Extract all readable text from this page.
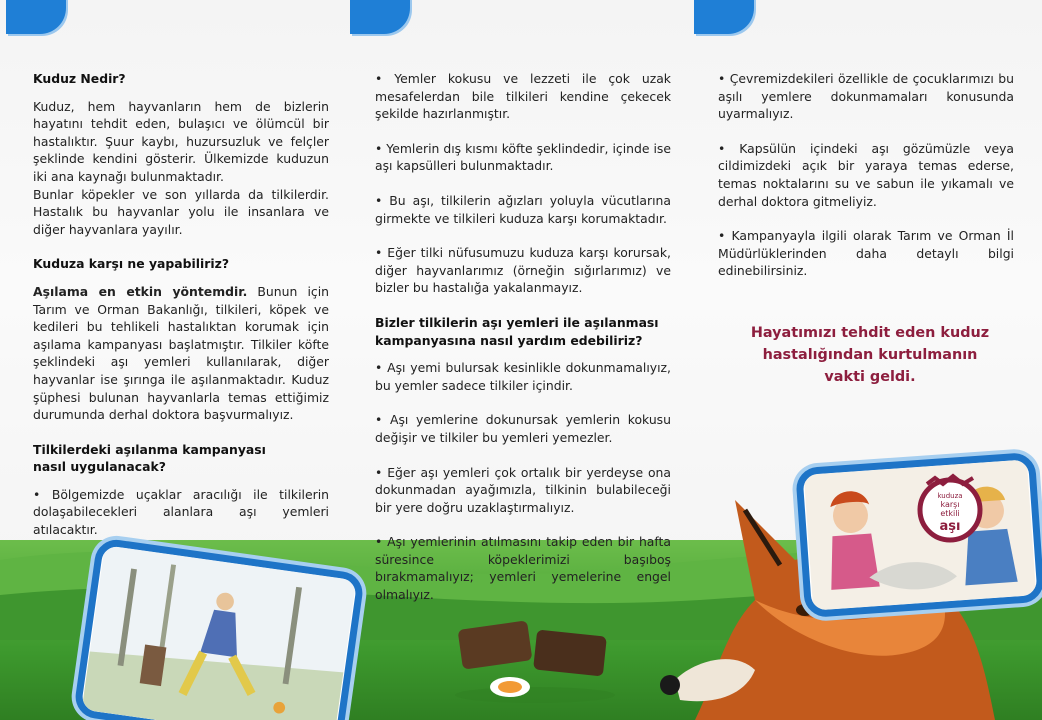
Kuduz Nedir?

Kuduz, hem hayvanların hem de bizlerin hayatını tehdit eden, bulaşıcı ve ölümcül bir hastalıktır. Şuur kaybı, huzursuzluk ve felçler şeklinde kendini gösterir. Ülkemizde kuduzun iki ana kaynağı bulunmaktadır.

Bunlar köpekler ve son yıllarda da tilkilerdir. Hastalık bu hayvanlar yolu ile insanlara ve diğer hayvanlara yayılır.

Kuduza karşı ne yapabiliriz?

Aşılama en etkin yöntemdir. Bunun için Tarım ve Orman Bakanlığı, tilkileri, köpek ve kedileri bu tehlikeli hastalıktan korumak için aşılama kampanyası başlatmıştır. Tilkiler köfte şeklindeki aşı yemleri kullanılarak, diğer hayvanlar ise şırınga ile aşılanmaktadır. Kuduz şüphesi bulunan hayvanlarla temas ettiğimiz durumunda derhal doktora başvurmalıyız.

Tilkilerdeki aşılanma kampanyası
nasıl uygulanacak?

• Bölgemizde uçaklar aracılığı ile tilkilerin dolaşabilecekleri alanlara aşı yemleri atılacaktır.

• Yemler kokusu ve lezzeti ile çok uzak mesafelerdan bile tilkileri kendine çekecek şekilde hazırlanmıştır.

• Yemlerin dış kısmı köfte şeklindedir, içinde ise aşı kapsülleri bulunmaktadır.

• Bu aşı, tilkilerin ağızları yoluyla vücutlarına girmekte ve tilkileri kuduza karşı korumaktadır.

• Eğer tilki nüfusumuzu kuduza karşı korursak, diğer hayvanlarımız (örneğin sığırlarımız) ve bizler bu hastalığa yakalanmayız.

Bizler tilkilerin aşı yemleri ile aşılanması kampanyasına nasıl yardım edebiliriz?

• Aşı yemi bulursak kesinlikle dokunmamalıyız, bu yemler sadece tilkiler içindir.

• Aşı yemlerine dokunursak yemlerin kokusu değişir ve tilkiler bu yemleri yemezler.

• Eğer aşı yemleri çok ortalık bir yerdeyse ona dokunmadan ayağımızla, tilkinin bulabileceği bir yere doğru uzaklaştırmalıyız.

• Aşı yemlerinin atılmasını takip eden bir hafta süresince köpeklerimizi başıboş bırakmamalıyız; yemleri yemelerine engel olmalıyız.

• Çevremizdekileri özellikle de çocuklarımızı bu aşılı yemlere dokunmamaları konusunda uyarmalıyız.

• Kapsülün içindeki aşı gözümüzle veya cildimizdeki açık bir yaraya temas ederse, temas noktalarını su ve sabun ile yıkamalı ve derhal doktora gitmeliyiz.

• Kampanyayla ilgili olarak Tarım ve Orman İl Müdürlüklerinden daha detaylı bilgi edinebilirsiniz.

Hayatımızı tehdit eden kuduz
hastalığından kurtulmanın
vakti geldi.
kuduza
karşı
etkili
aşı
